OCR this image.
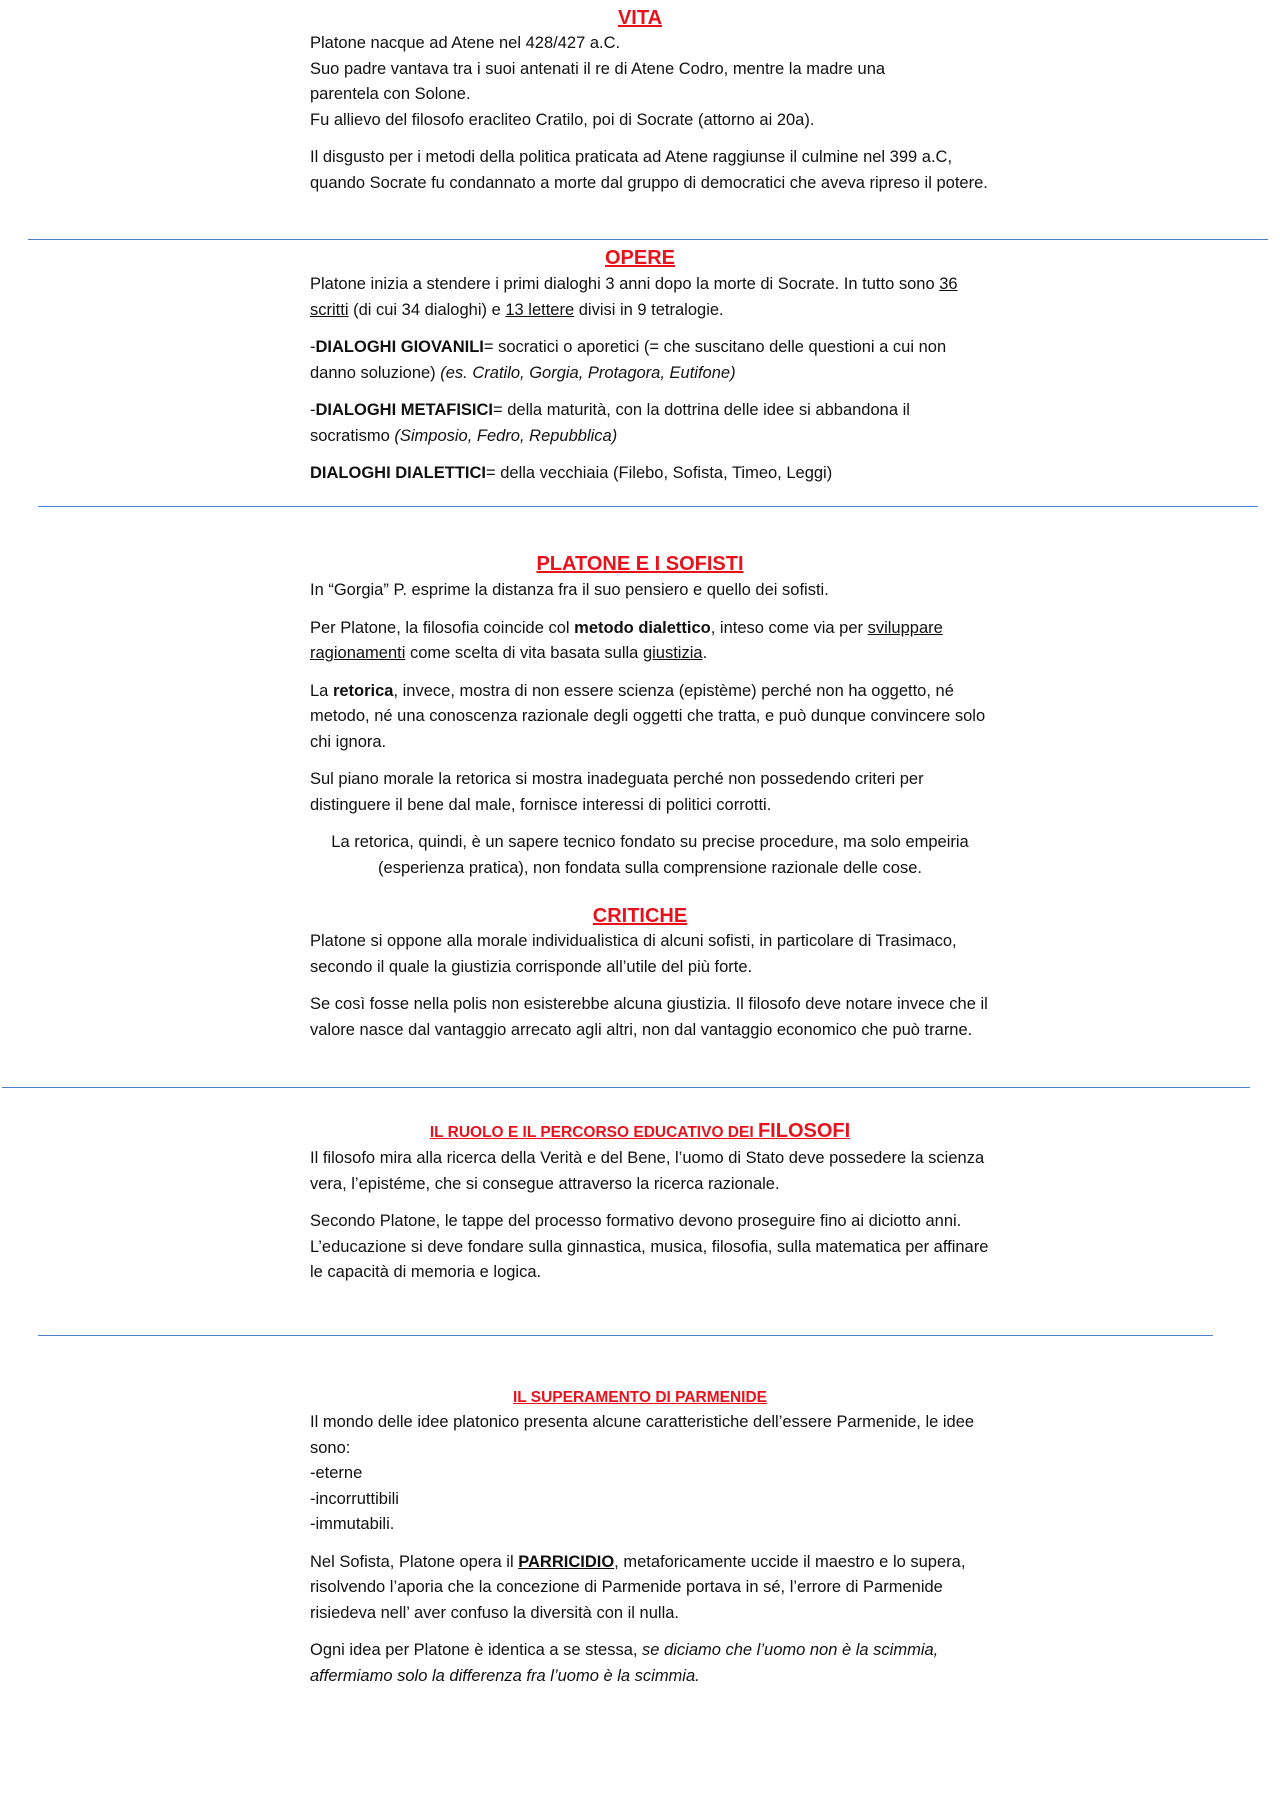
VITA

Platone nacque ad Atene nel 428/427 a.C.

Suo padre vantava tra i suoi antenati il re di Atene Codro, mentre la madre una

parentela con Solone.

Fu allievo del filosofo eracliteo Cratilo, poi di Socrate (attorno ai 20a).

Il disgusto per i metodi della politica praticata ad Atene raggiunse il culmine nel 399 a.C, quando Socrate fu condannato a morte dal gruppo di democratici che aveva ripreso il potere.

OPERE

Platone inizia a stendere i primi dialoghi 3 anni dopo la morte di Socrate. In tutto sono 36 scritti (di cui 34 dialoghi) e 13 lettere divisi in 9 tetralogie.

-DIALOGHI GIOVANILI= socratici o aporetici (= che suscitano delle questioni a cui non danno soluzione) (es. Cratilo, Gorgia, Protagora, Eutifone)

-DIALOGHI METAFISICI= della maturità, con la dottrina delle idee si abbandona il socratismo (Simposio, Fedro, Repubblica)

DIALOGHI DIALETTICI= della vecchiaia (Filebo, Sofista, Timeo, Leggi)

PLATONE E I SOFISTI

In “Gorgia” P. esprime la distanza fra il suo pensiero e quello dei sofisti.

Per Platone, la filosofia coincide col metodo dialettico, inteso come via per sviluppare ragionamenti come scelta di vita basata sulla giustizia.

La retorica, invece, mostra di non essere scienza (epistème) perché non ha oggetto, né metodo, né una conoscenza razionale degli oggetti che tratta, e può dunque convincere solo chi ignora.

Sul piano morale la retorica si mostra inadeguata perché non possedendo criteri per distinguere il bene dal male, fornisce interessi di politici corrotti.

La retorica, quindi, è un sapere tecnico fondato su precise procedure, ma solo empeiria (esperienza pratica), non fondata sulla comprensione razionale delle cose.

CRITICHE

Platone si oppone alla morale individualistica di alcuni sofisti, in particolare di Trasimaco, secondo il quale la giustizia corrisponde all’utile del più forte.

Se così fosse nella polis non esisterebbe alcuna giustizia. Il filosofo deve notare invece che il valore nasce dal vantaggio arrecato agli altri, non dal vantaggio economico che può trarne.

IL RUOLO E IL PERCORSO EDUCATIVO DEI FILOSOFI

Il filosofo mira alla ricerca della Verità e del Bene, l’uomo di Stato deve possedere la scienza vera, l’epistéme, che si consegue attraverso la ricerca razionale.

Secondo Platone, le tappe del processo formativo devono proseguire fino ai diciotto anni. L’educazione si deve fondare sulla ginnastica, musica, filosofia, sulla matematica per affinare le capacità di memoria e logica.

IL SUPERAMENTO DI PARMENIDE

Il mondo delle idee platonico presenta alcune caratteristiche dell’essere Parmenide, le idee sono:

-eterne

-incorruttibili

-immutabili.

Nel Sofista, Platone opera il PARRICIDIO, metaforicamente uccide il maestro e lo supera, risolvendo l’aporia che la concezione di Parmenide portava in sé, l’errore di Parmenide risiedeva nell’ aver confuso la diversità con il nulla.

Ogni idea per Platone è identica a se stessa, se diciamo che l’uomo non è la scimmia, affermiamo solo la differenza fra l’uomo è la scimmia.
